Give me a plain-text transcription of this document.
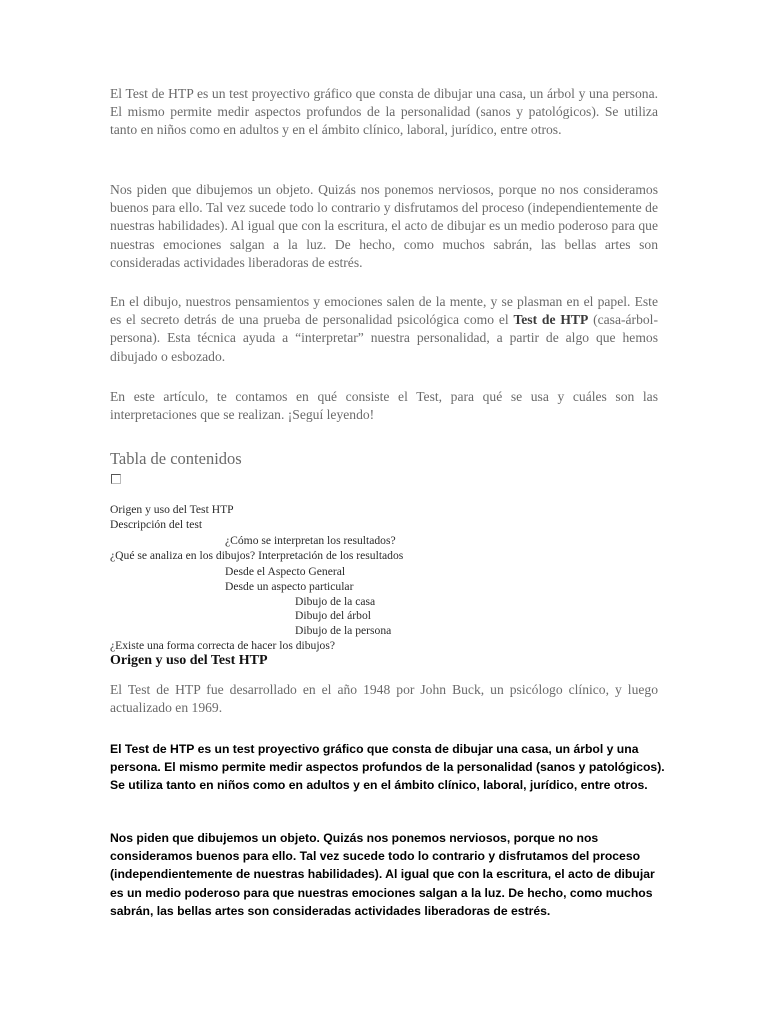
El Test de HTP es un test proyectivo gráfico que consta de dibujar una casa, un árbol y una persona. El mismo permite medir aspectos profundos de la personalidad (sanos y patológicos). Se utiliza tanto en niños como en adultos y en el ámbito clínico, laboral, jurídico, entre otros.

Nos piden que dibujemos un objeto. Quizás nos ponemos nerviosos, porque no nos consideramos buenos para ello. Tal vez sucede todo lo contrario y disfrutamos del proceso (independientemente de nuestras habilidades). Al igual que con la escritura, el acto de dibujar es un medio poderoso para que nuestras emociones salgan a la luz. De hecho, como muchos sabrán, las bellas artes son consideradas actividades liberadoras de estrés.

En el dibujo, nuestros pensamientos y emociones salen de la mente, y se plasman en el papel. Este es el secreto detrás de una prueba de personalidad psicológica como el Test de HTP (casa-árbol-persona). Esta técnica ayuda a “interpretar” nuestra personalidad, a partir de algo que hemos dibujado o esbozado.

En este artículo, te contamos en qué consiste el Test, para qué se usa y cuáles son las interpretaciones que se realizan. ¡Seguí leyendo!

Tabla de contenidos
Origen y uso del Test HTP
Descripción del test
¿Cómo se interpretan los resultados?
¿Qué se analiza en los dibujos? Interpretación de los resultados
Desde el Aspecto General
Desde un aspecto particular
Dibujo de la casa
Dibujo del árbol
Dibujo de la persona
¿Existe una forma correcta de hacer los dibujos?
Origen y uso del Test HTP

El Test de HTP fue desarrollado en el año 1948 por John Buck, un psicólogo clínico, y luego actualizado en 1969.

El Test de HTP es un test proyectivo gráfico que consta de dibujar una casa, un árbol y una persona. El mismo permite medir aspectos profundos de la personalidad (sanos y patológicos). Se utiliza tanto en niños como en adultos y en el ámbito clínico, laboral, jurídico, entre otros.

Nos piden que dibujemos un objeto. Quizás nos ponemos nerviosos, porque no nos consideramos buenos para ello. Tal vez sucede todo lo contrario y disfrutamos del proceso (independientemente de nuestras habilidades). Al igual que con la escritura, el acto de dibujar es un medio poderoso para que nuestras emociones salgan a la luz. De hecho, como muchos sabrán, las bellas artes son consideradas actividades liberadoras de estrés.
